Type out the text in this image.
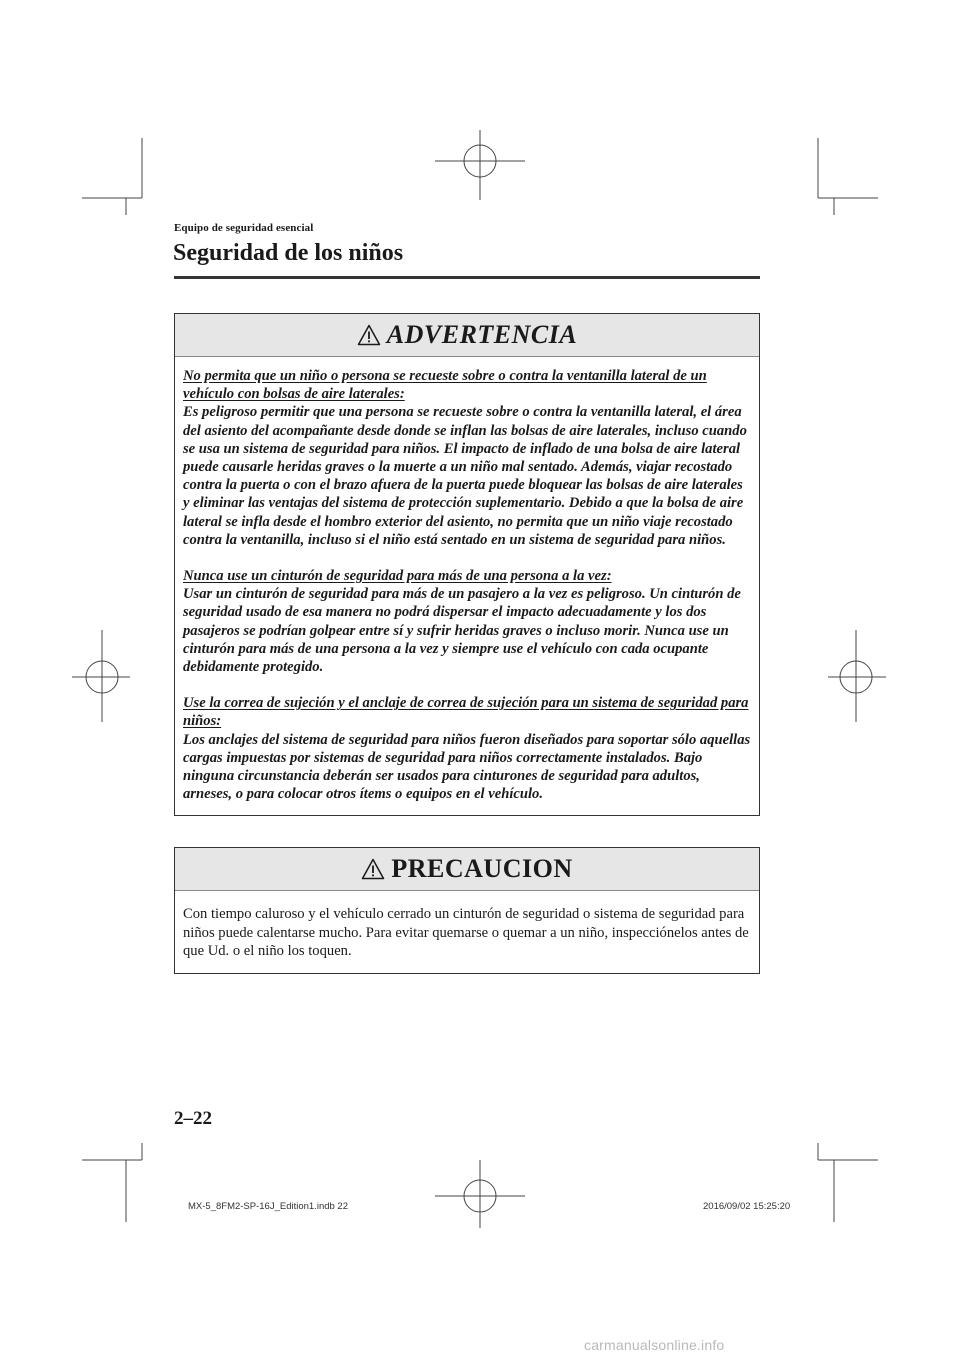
Equipo de seguridad esencial
Seguridad de los niños
ADVERTENCIA
No permita que un niño o persona se recueste sobre o contra la ventanilla lateral de un vehículo con bolsas de aire laterales:
Es peligroso permitir que una persona se recueste sobre o contra la ventanilla lateral, el área del asiento del acompañante desde donde se inflan las bolsas de aire laterales, incluso cuando se usa un sistema de seguridad para niños. El impacto de inflado de una bolsa de aire lateral puede causarle heridas graves o la muerte a un niño mal sentado. Además, viajar recostado contra la puerta o con el brazo afuera de la puerta puede bloquear las bolsas de aire laterales y eliminar las ventajas del sistema de protección suplementario. Debido a que la bolsa de aire lateral se infla desde el hombro exterior del asiento, no permita que un niño viaje recostado contra la ventanilla, incluso si el niño está sentado en un sistema de seguridad para niños.
Nunca use un cinturón de seguridad para más de una persona a la vez:
Usar un cinturón de seguridad para más de un pasajero a la vez es peligroso. Un cinturón de seguridad usado de esa manera no podrá dispersar el impacto adecuadamente y los dos pasajeros se podrían golpear entre sí y sufrir heridas graves o incluso morir. Nunca use un cinturón para más de una persona a la vez y siempre use el vehículo con cada ocupante debidamente protegido.
Use la correa de sujeción y el anclaje de correa de sujeción para un sistema de seguridad para niños:
Los anclajes del sistema de seguridad para niños fueron diseñados para soportar sólo aquellas cargas impuestas por sistemas de seguridad para niños correctamente instalados. Bajo ninguna circunstancia deberán ser usados para cinturones de seguridad para adultos, arneses, o para colocar otros ítems o equipos en el vehículo.
PRECAUCION
Con tiempo caluroso y el vehículo cerrado un cinturón de seguridad o sistema de seguridad para niños puede calentarse mucho. Para evitar quemarse o quemar a un niño, inspecciónelos antes de que Ud. o el niño los toquen.
2–22
MX-5_8FM2-SP-16J_Edition1.indb 22	2016/09/02 15:25:20
carmanualsonline.info
